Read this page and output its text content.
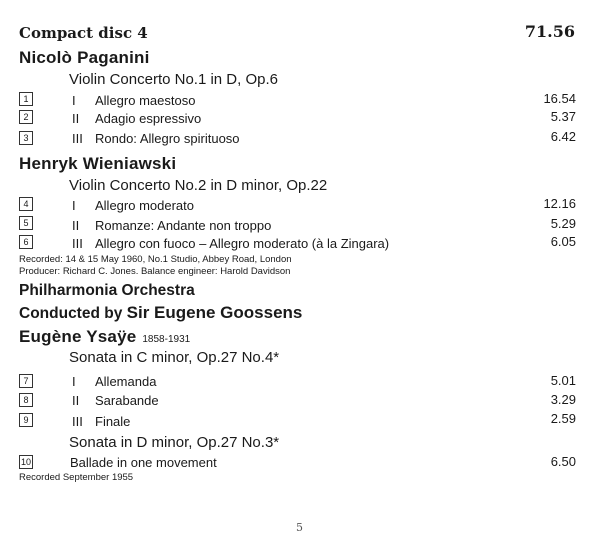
Compact disc 4	71.56
Nicolò Paganini
Violin Concerto No.1 in D, Op.6
1	I Allegro maestoso	16.54
2	II Adagio espressivo	5.37
3	III Rondo: Allegro spirituoso	6.42
Henryk Wieniawski
Violin Concerto No.2 in D minor, Op.22
4	I Allegro moderato	12.16
5	II Romanze: Andante non troppo	5.29
6	III Allegro con fuoco – Allegro moderato (à la Zingara)	6.05
Recorded: 14 & 15 May 1960, No.1 Studio, Abbey Road, London
Producer: Richard C. Jones. Balance engineer: Harold Davidson
Philharmonia Orchestra
Conducted by Sir Eugene Goossens
Eugène Ysaÿe 1858-1931
Sonata in C minor, Op.27 No.4*
7	I Allemanda	5.01
8	II Sarabande	3.29
9	III Finale	2.59
Sonata in D minor, Op.27 No.3*
10	Ballade in one movement	6.50
Recorded September 1955
5
